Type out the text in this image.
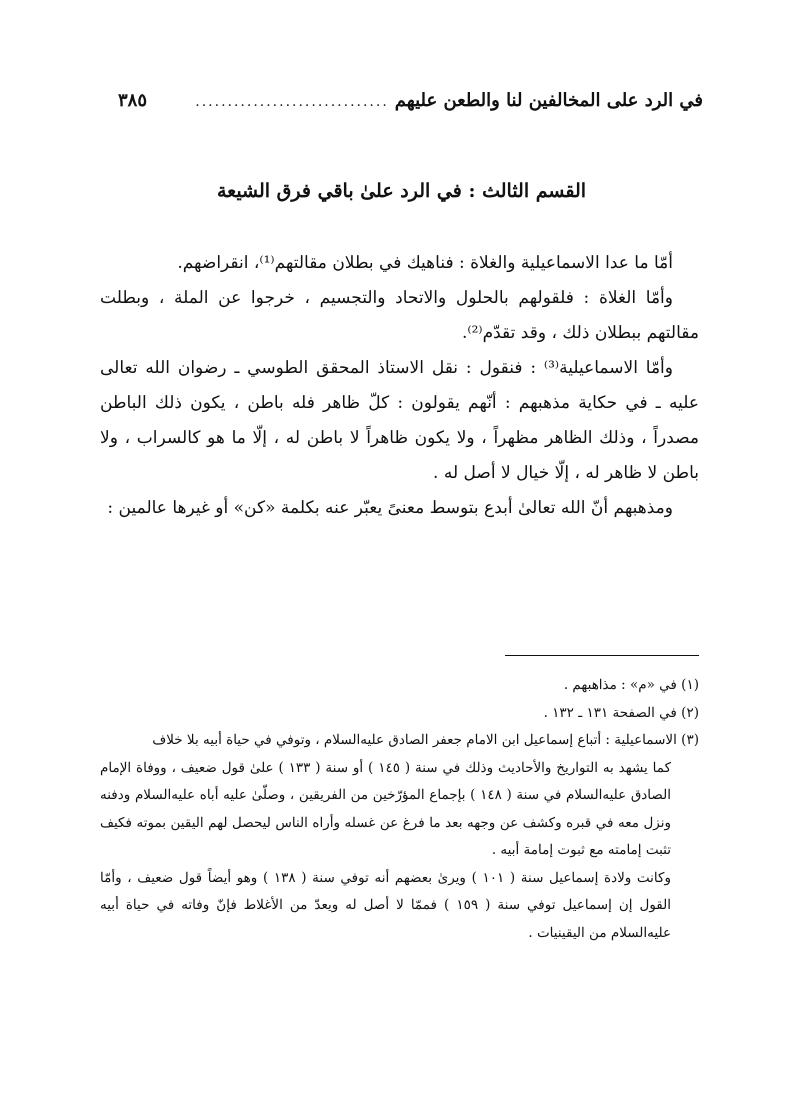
في الرد على المخالفين لنا والطعن عليهم
..............................
٣٨٥
القسم الثالث : في الرد علىٰ باقي فرق الشيعة

أمّا ما عدا الاسماعيلية والغلاة : فناهيك في بطلان مقالتهم⁽¹⁾، انقراضهم.

وأمّا الغلاة : فلقولهم بالحلول والاتحاد والتجسيم ، خرجوا عن الملة ، وبطلت مقالتهم ببطلان ذلك ، وقد تقدّم⁽²⁾.

وأمّا الاسماعيلية⁽³⁾ : فنقول : نقل الاستاذ المحقق الطوسي ـ رضوان الله تعالى عليه ـ في حكاية مذهبهم : أنّهم يقولون : كلّ ظاهر فله باطن ، يكون ذلك الباطن مصدراً ، وذلك الظاهر مظهراً ، ولا يكون ظاهراً لا باطن له ، إلّا ما هو كالسراب ، ولا باطن لا ظاهر له ، إلّا خيال لا أصل له .

ومذهبهم أنّ الله تعالىٰ أبدع بتوسط معنىً يعبّر عنه بكلمة «كن» أو غيرها عالمين :

(١) في «م» : مذاهبهم .

(٢) في الصفحة ١٣١ ـ ١٣٢ .

(٣) الاسماعيلية : أتباع إسماعيل ابن الامام جعفر الصادق عليه‌السلام ، وتوفي في حياة أبيه بلا خلاف

كما يشهد به التواريخ والأحاديث وذلك في سنة ( ١٤٥ ) أو سنة ( ١٣٣ ) علىٰ قول ضعيف ، ووفاة الإمام الصادق عليه‌السلام في سنة ( ١٤٨ ) بإجماع المؤرّخين من الفريقين ، وصلّىٰ عليه أباه عليه‌السلام ودفنه ونزل معه في قبره وكشف عن وجهه بعد ما فرغ عن غسله وأراه الناس ليحصل لهم اليقين بموته فكيف تثبت إمامته مع ثبوت إمامة أبيه .

وكانت ولادة إسماعيل سنة ( ١٠١ ) ويرىٰ بعضهم أنه توفي سنة ( ١٣٨ ) وهو أيضاً قول ضعيف ، وأمّا القول إن إسماعيل توفي سنة ( ١٥٩ ) فممّا لا أصل له ويعدّ من الأغلاط فإنّ وفاته في حياة أبيه عليه‌السلام من اليقينيات .
